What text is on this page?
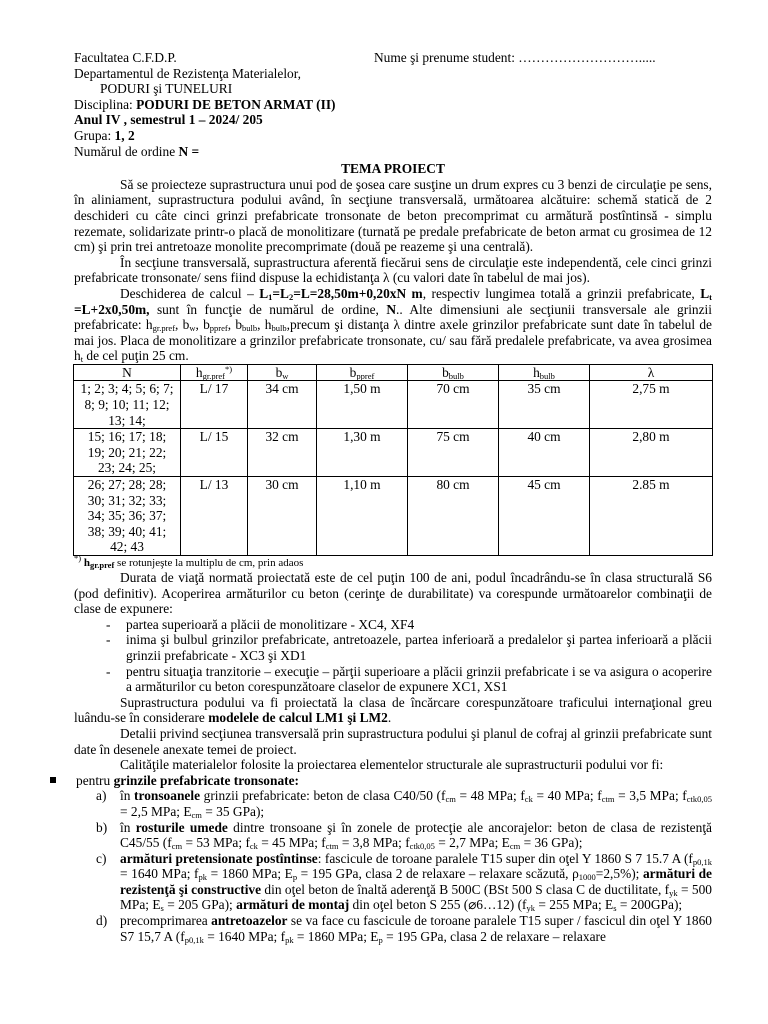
Nume şi prenume student: ……………………….....
Facultatea C.F.D.P.
Departamentul de Rezistenţa Materialelor,
PODURI şi TUNELURI
Disciplina: PODURI DE BETON ARMAT (II)
Anul IV , semestrul 1 – 2024/ 205
Grupa: 1, 2
Numărul de ordine N =
TEMA PROIECT

Să se proiecteze suprastructura unui pod de şosea care susţine un drum expres cu 3 benzi de circulaţie pe sens, în aliniament, suprastructura podului având, în secţiune transversală, următoarea alcătuire: schemă statică de 2 deschideri cu câte cinci grinzi prefabricate tronsonate de beton precomprimat cu armătură postîntinsă - simplu rezemate, solidarizate printr-o placă de monolitizare (turnată pe predale prefabricate de beton armat cu grosimea de 12 cm) şi prin trei antretoaze monolite precomprimate (două pe reazeme şi una centrală).

În secţiune transversală, suprastructura aferentă fiecărui sens de circulaţie este independentă, cele cinci grinzi prefabricate tronsonate/ sens fiind dispuse la echidistanţa λ (cu valori date în tabelul de mai jos).

Deschiderea de calcul – $L_1=L_2=L=28,50m+0,20xN$ m, respectiv lungimea totală a grinzii prefabricate, $L_t =L+2x0,50m$, sunt în funcţie de numărul de ordine, N.. Alte dimensiuni ale secţiunii transversale ale grinzii prefabricate: $h_{gr.pref}$, $b_w$, $b_{ppref}$, $b_{bulb}$, $h_{bulb},precum$ şi distanţa λ dintre axele grinzilor prefabricate sunt date în tabelul de mai jos. Placa de monolitizare a grinzilor prefabricate tronsonate, cu/ sau fără predalele prefabricate, va avea grosimea $h_t$ de cel puţin 25 cm.

N	$h_{gr.pref}^{*)}$	$b_w$	$b_{ppref}$	$b_{bulb}$	$h_{bulb}$	λ
1; 2; 3; 4; 5; 6; 7; 8; 9; 10; 11; 12; 13; 14;	L/ 17	34 cm	1,50 m	70 cm	35 cm	2,75 m
15; 16; 17; 18; 19; 20; 21; 22; 23; 24; 25;	L/ 15	32 cm	1,30 m	75 cm	40 cm	2,80 m
26; 27; 28; 28; 30; 31; 32; 33; 34; 35; 36; 37; 38; 39; 40; 41; 42; 43	L/ 13	30 cm	1,10 m	80 cm	45 cm	2.85 m
*) $h_{gr.pref}$ se rotunjeşte la multiplu de cm, prin adaos

Durata de viaţă normată proiectată este de cel puţin 100 de ani, podul încadrându-se în clasa structurală S6 (pod definitiv). Acoperirea armăturilor cu beton (cerinţe de durabilitate) va corespunde următoarelor combinaţii de clase de expunere:

- partea superioară a plăcii de monolitizare - XC4, XF4
- inima şi bulbul grinzilor prefabricate, antretoazele, partea inferioară a predalelor şi partea inferioară a plăcii grinzii prefabricate - XC3 şi XD1
- pentru situaţia tranzitorie – execuţie – părţii superioare a plăcii grinzii prefabricate i se va asigura o acoperire a armăturilor cu beton corespunzătoare claselor de expunere XC1, XS1

Suprastructura podului va fi proiectată la clasa de încărcare corespunzătoare traficului internaţional greu luându-se în considerare modelele de calcul LM1 şi LM2.

Detalii privind secţiunea transversală prin suprastructura podului şi planul de cofraj al grinzii prefabricate sunt date în desenele anexate temei de proiect.

Calităţile materialelor folosite la proiectarea elementelor structurale ale suprastructurii podului vor fi:

pentru grinzile prefabricate tronsonate:
a) în tronsoanele grinzii prefabricate: beton de clasa C40/50 ($f_{cm} = 48$ MPa; $f_{ck} = 40$ MPa; $f_{ctm} = 3,5$ MPa; $f_{ctk0,05} = 2,5$ MPa; $E_{cm} = 35$ GPa);
b) în rosturile umede dintre tronsoane şi în zonele de protecţie ale ancorajelor: beton de clasa de rezistenţă C45/55 ($f_{cm} = 53$ MPa; $f_{ck} = 45$ MPa; $f_{ctm} = 3,8$ MPa; $f_{ctk0,05} = 2,7$ MPa; $E_{cm} = 36$ GPa);
c) armături pretensionate postîntinse: fascicule de toroane paralele T15 super din oţel Y 1860 S 7 15.7 A ($f_{p0,1k} = 1640$ MPa; $f_{pk} = 1860$ MPa; $E_p = 195$ GPa, clasa 2 de relaxare – relaxare scăzută, $\rho_{1000}=2,5\%$); armături de rezistenţă şi constructive din oţel beton de înaltă aderenţă B 500C (BSt 500 S clasa C de ductilitate, $f_{yk} = 500$ MPa; $E_s = 205$ GPa); armături de montaj din oţel beton S 255 (⌀6…12) ($f_{yk} = 255$ MPa; $E_s = 200GPa$);
d) precomprimarea antretoazelor se va face cu fascicule de toroane paralele T15 super / fascicul din oţel Y 1860 S7 15,7 A ($f_{p0,1k} = 1640$ MPa; $f_{pk} = 1860$ MPa; $E_p = 195$ GPa, clasa 2 de relaxare – relaxare
